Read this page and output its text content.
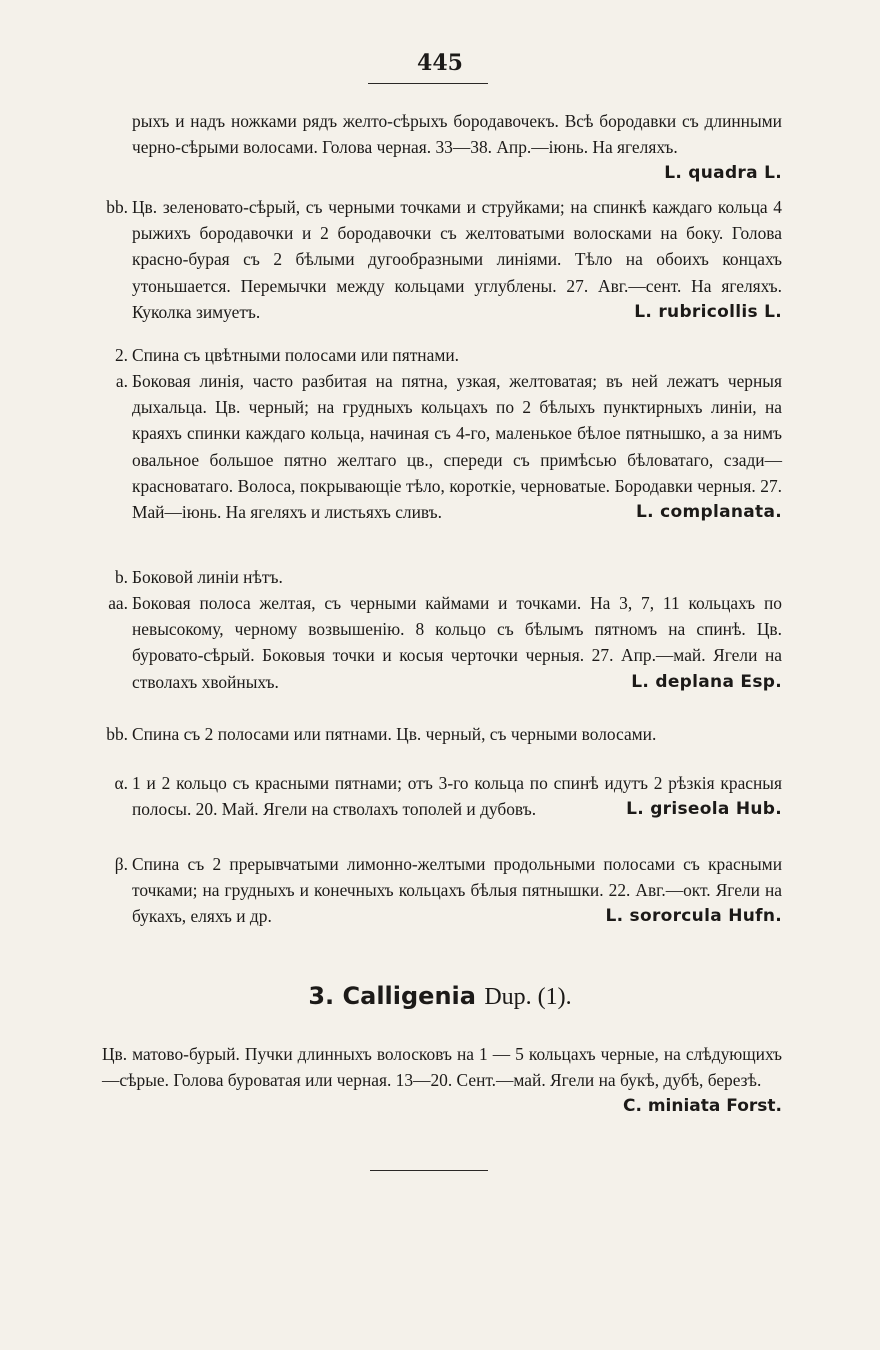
445
рыхъ и надъ ножками рядъ желто-сѣрыхъ бородавочекъ. Всѣ бородавки съ длинными черно-сѣрыми волосами. Голова черная. 33—38. Апр.—іюнь. На ягеляхъ.
L. quadra L.
bb. Цв. зеленовато-сѣрый, съ черными точками и струйками; на спинкѣ каждаго кольца 4 рыжихъ бородавочки и 2 бородавочки съ желтоватыми волосками на боку. Голова красно-бурая съ 2 бѣлыми дугообразными линіями. Тѣло на обоихъ концахъ утоньшается. Перемычки между кольцами углублены. 27. Авг.—сент. На ягеляхъ. Куколка зимуетъ.	L. rubricollis L.
2. Спина съ цвѣтными полосами или пятнами.
a. Боковая линія, часто разбитая на пятна, узкая, желтоватая; въ ней лежатъ черныя дыхальца. Цв. черный; на грудныхъ кольцахъ по 2 бѣлыхъ пунктирныхъ линіи, на краяхъ спинки каждаго кольца, начиная съ 4-го, маленькое бѣлое пятнышко, а за нимъ овальное большое пятно желтаго цв., спереди съ примѣсью бѣловатаго, сзади—красноватаго. Волоса, покрывающіе тѣло, короткіе, черноватые. Бородавки черныя. 27. Май—іюнь. На ягеляхъ и листьяхъ сливъ.	L. complanata.
b. Боковой линіи нѣтъ.
aa. Боковая полоса желтая, съ черными каймами и точками. На 3, 7, 11 кольцахъ по невысокому, черному возвышенію. 8 кольцо съ бѣлымъ пятномъ на спинѣ. Цв. буровато-сѣрый. Боковыя точки и косыя черточки черныя. 27. Апр.—май. Ягели на стволахъ хвойныхъ.	L. deplana Esp.
bb. Спина съ 2 полосами или пятнами. Цв. черный, съ черными волосами.
α. 1 и 2 кольцо съ красными пятнами; отъ 3-го кольца по спинѣ идутъ 2 рѣзкія красныя полосы. 20. Май. Ягели на стволахъ тополей и дубовъ.	L. griseola Hub.
β. Спина съ 2 прерывчатыми лимонно-желтыми продольными полосами съ красными точками; на грудныхъ и конечныхъ кольцахъ бѣлыя пятнышки. 22. Авг.—окт. Ягели на букахъ, еляхъ и др.	L. sororcula Hufn.
3. Calligenia Dup. (1).
Цв. матово-бурый. Пучки длинныхъ волосковъ на 1 — 5 кольцахъ черные, на слѣдующихъ—сѣрые. Голова буроватая или черная. 13—20. Сент.—май. Ягели на букѣ, дубѣ, березѣ.
C. miniata Forst.
